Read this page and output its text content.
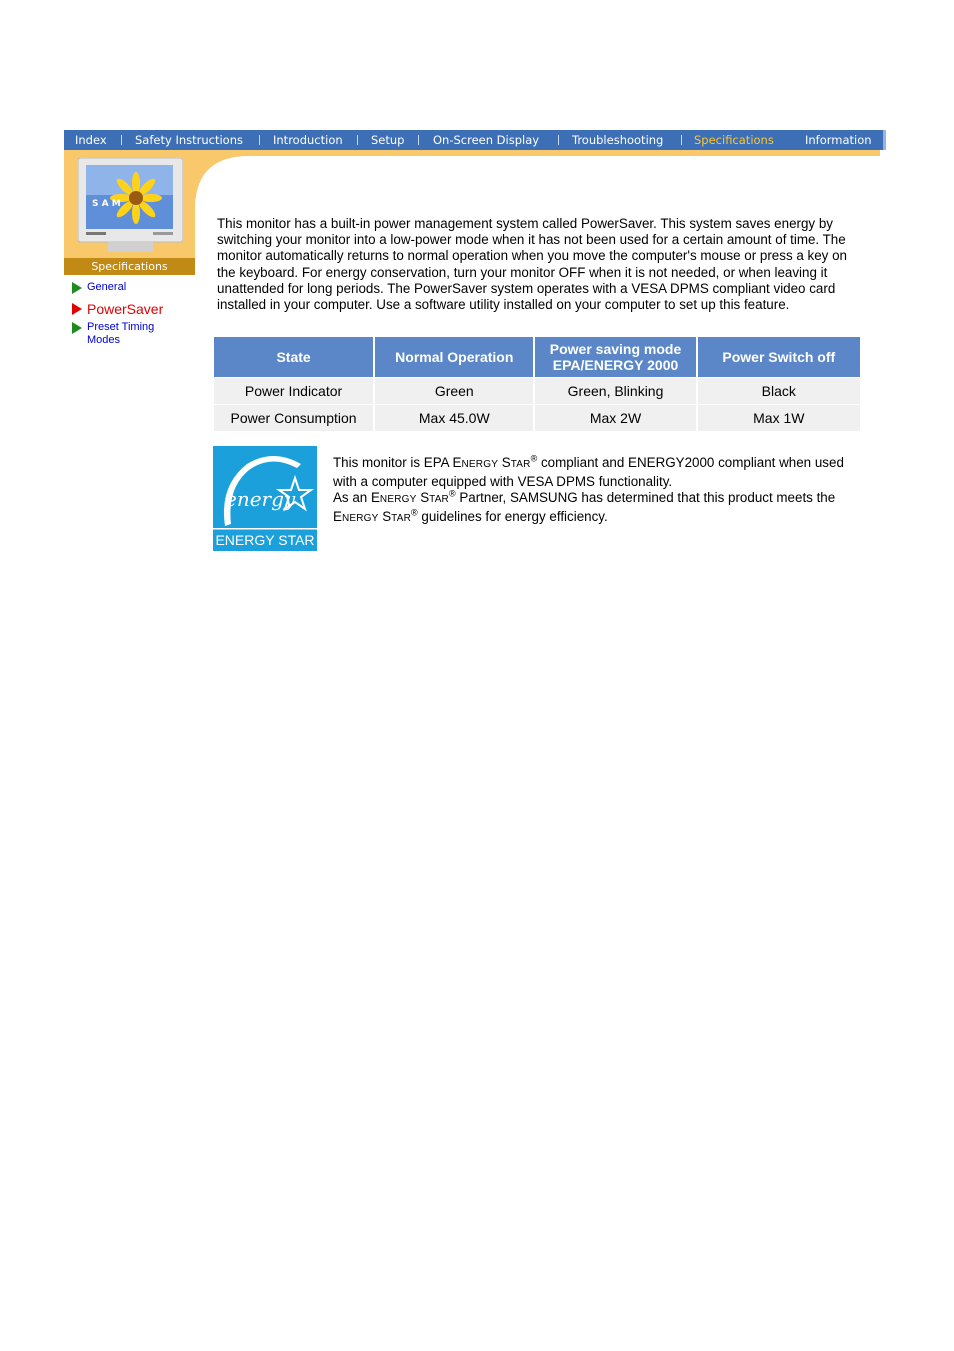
Index Safety Instructions	Introduction Setup On-Screen Display	Troubleshooting	Specifications	Information
S A M
Specifications
General
PowerSaver
Preset Timing Modes

This monitor has a built-in power management system called PowerSaver. This system saves energy by switching your monitor into a low-power mode when it has not been used for a certain amount of time. The monitor automatically returns to normal operation when you move the computer's mouse or press a key on the keyboard. For energy conservation, turn your monitor OFF when it is not needed, or when leaving it unattended for long periods. The PowerSaver system operates with a VESA DPMS compliant video card installed in your computer. Use a software utility installed on your computer to set up this feature.

State	Normal Operation	Power saving mode EPA/ENERGY 2000	Power Switch off
Power Indicator	Green	Green, Blinking	Black
Power Consumption	Max 45.0W	Max 2W	Max 1W
energy
ENERGY STAR
This monitor is EPA ENERGY STAR® compliant and ENERGY2000 compliant when used with a computer equipped with VESA DPMS functionality.
As an ENERGY STAR® Partner, SAMSUNG has determined that this product meets the ENERGY STAR® guidelines for energy efficiency.
